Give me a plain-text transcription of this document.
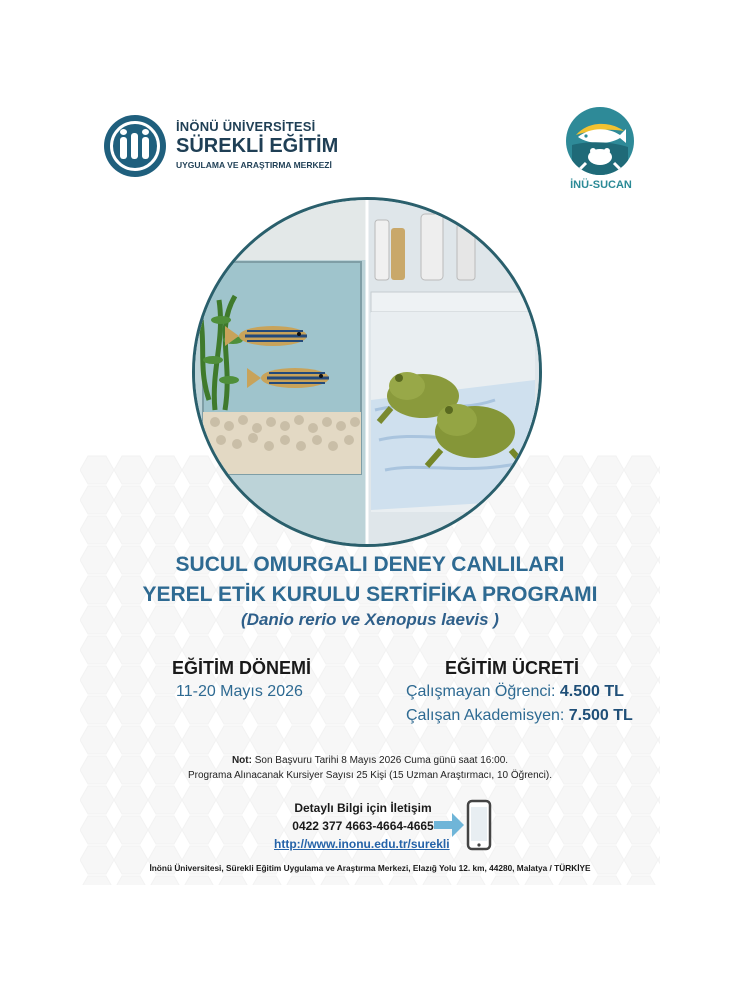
İNÖNÜ ÜNİVERSİTESİ
SÜREKLİ EĞİTİM
UYGULAMA VE ARAŞTIRMA MERKEZİ
İNÜ-SUCAN
SUCUL OMURGALI DENEY CANLILARI
YEREL ETİK KURULU SERTİFİKA PROGRAMI
(Danio rerio ve Xenopus laevis )
EĞİTİM DÖNEMİ
11-20 Mayıs 2026
EĞİTİM ÜCRETİ
Çalışmayan Öğrenci: 4.500 TL
Çalışan Akademisyen: 7.500 TL
Not: Son Başvuru Tarihi 8 Mayıs 2026 Cuma günü saat 16:00.
Programa Alınacanak Kursiyer Sayısı 25 Kişi (15 Uzman Araştırmacı, 10 Öğrenci).
Detaylı Bilgi için İletişim
0422 377 4663-4664-4665
http://www.inonu.edu.tr/surekli
İnönü Üniversitesi, Sürekli Eğitim Uygulama ve Araştırma Merkezi, Elazığ Yolu 12. km, 44280, Malatya / TÜRKİYE
